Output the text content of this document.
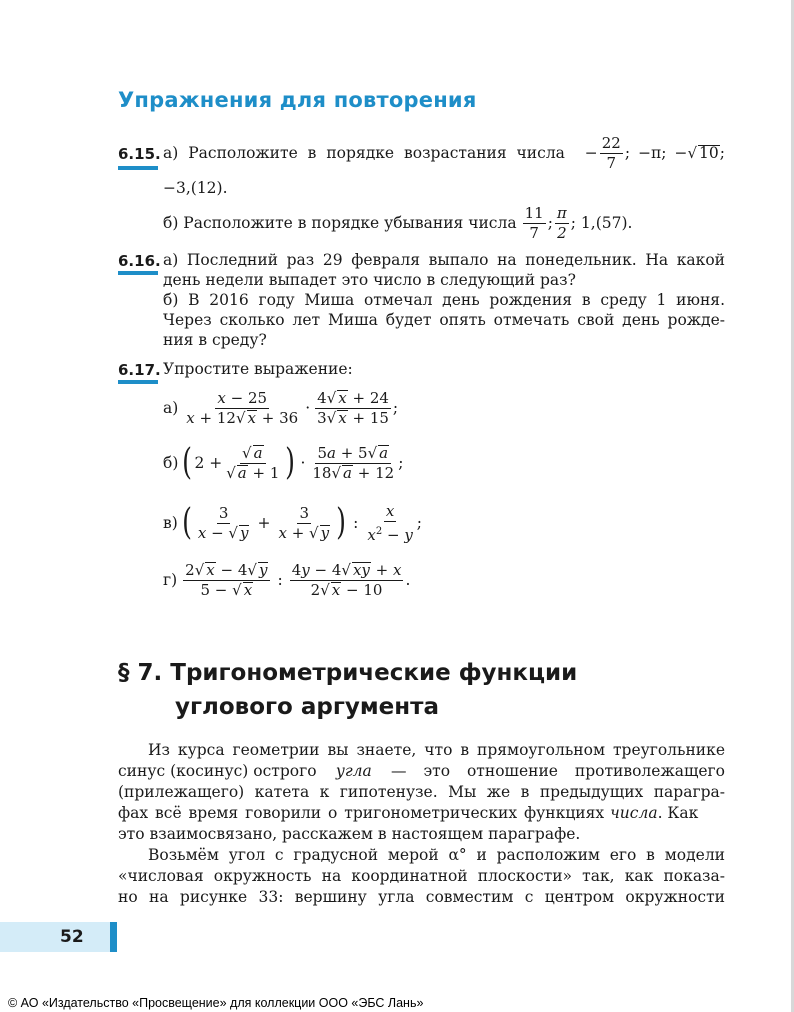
Упражнения для повторения
6.15. а) Расположите в порядке возрастания числа − $\frac{22}{7}$ ; −π; − √ 10 ;
−3,(12).
б) Расположите в порядке убывания числа $\frac{11}{7}$ ; $\frac{\pi}{2}$ ; 1,(57).
6.16. а) Последний раз 29 февраля выпало на понедельник. На какой
день недели выпадет это число в следующий раз?
б) В 2016 году Миша отмечал день рождения в среду 1 июня.
Через сколько лет Миша будет опять отмечать свой день рожде-
ния в среду?
6.17. Упростите выражение:
$а) \frac{x - 25}{x + 12√ x + 36} \cdot \frac{4√ x + 24}{3√ x + 15}$ ;
б) ( $2 + \frac{√ a}{√ a + 1}$ ) · $\frac{5a + 5√ a}{18√ a + 12}$ ;
в) ( $\frac{3}{x - √ y} + \frac{3}{x + √ y}$ ) : $\frac{x}{x^2 - y}$ ;
$г) \frac{2√ x - 4√ y}{5 - √ x}$ : $\frac{4y - 4√ xy + x}{2√ x - 10}$ .
§ 7. Тригонометрические функции
углового аргумента
Из курса геометрии вы знаете, что в прямоугольном треугольнике
синус (косинус) острого угла — это отношение противолежащего
(прилежащего) катета к гипотенузе. Мы же в предыдущих парагра-
фах всё время говорили о тригонометрических функциях числа . Как
это взаимосвязано, расскажем в настоящем параграфе.
Возьмём угол с градусной мерой α° и расположим его в модели
«числовая окружность на координатной плоскости» так, как показа-
но на рисунке 33: вершину угла совместим с центром окружности
52
© АО «Издательство «Просвещение» для коллекции ООО «ЭБС Лань»
